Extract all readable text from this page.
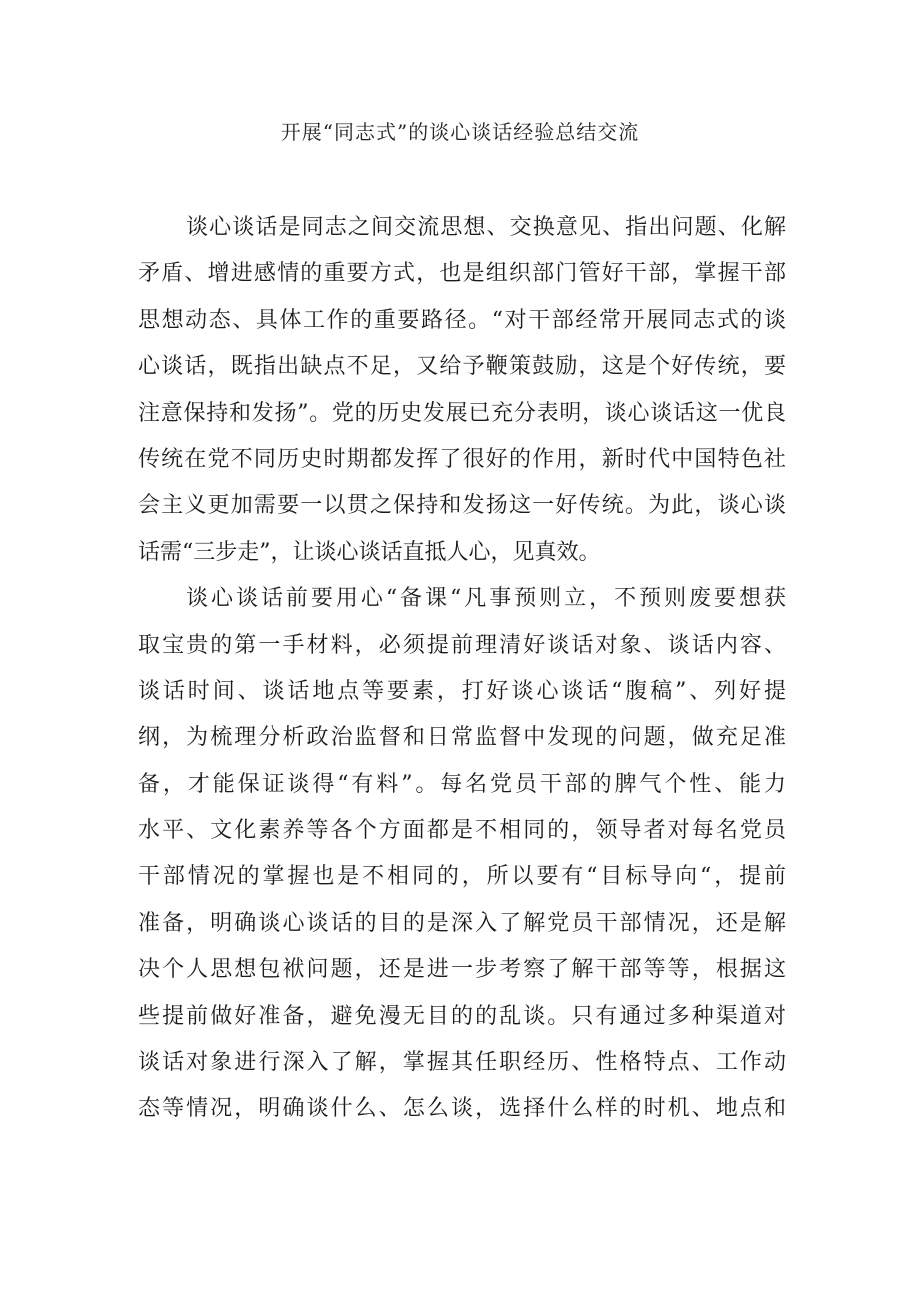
开展“同志式”的谈心谈话经验总结交流
谈心谈话是同志之间交流思想、交换意见、指出问题、化解
矛盾、增进感情的重要方式，也是组织部门管好干部，掌握干部
思想动态、具体工作的重要路径。“对干部经常开展同志式的谈
心谈话，既指出缺点不足，又给予鞭策鼓励，这是个好传统，要
注意保持和发扬”。党的历史发展已充分表明，谈心谈话这一优良
传统在党不同历史时期都发挥了很好的作用，新时代中国特色社
会主义更加需要一以贯之保持和发扬这一好传统。为此，谈心谈
话需“三步走”，让谈心谈话直抵人心，见真效。
谈心谈话前要用心“备课“凡事预则立，不预则废要想获
取宝贵的第一手材料，必须提前理清好谈话对象、谈话内容、
谈话时间、谈话地点等要素，打好谈心谈话“腹稿”、列好提
纲，为梳理分析政治监督和日常监督中发现的问题，做充足准
备，才能保证谈得“有料”。每名党员干部的脾气个性、能力
水平、文化素养等各个方面都是不相同的，领导者对每名党员
干部情况的掌握也是不相同的，所以要有“目标导向“，提前
准备，明确谈心谈话的目的是深入了解党员干部情况，还是解
决个人思想包袱问题，还是进一步考察了解干部等等，根据这
些提前做好准备，避免漫无目的的乱谈。只有通过多种渠道对
谈话对象进行深入了解，掌握其任职经历、性格特点、工作动
态等情况，明确谈什么、怎么谈，选择什么样的时机、地点和
